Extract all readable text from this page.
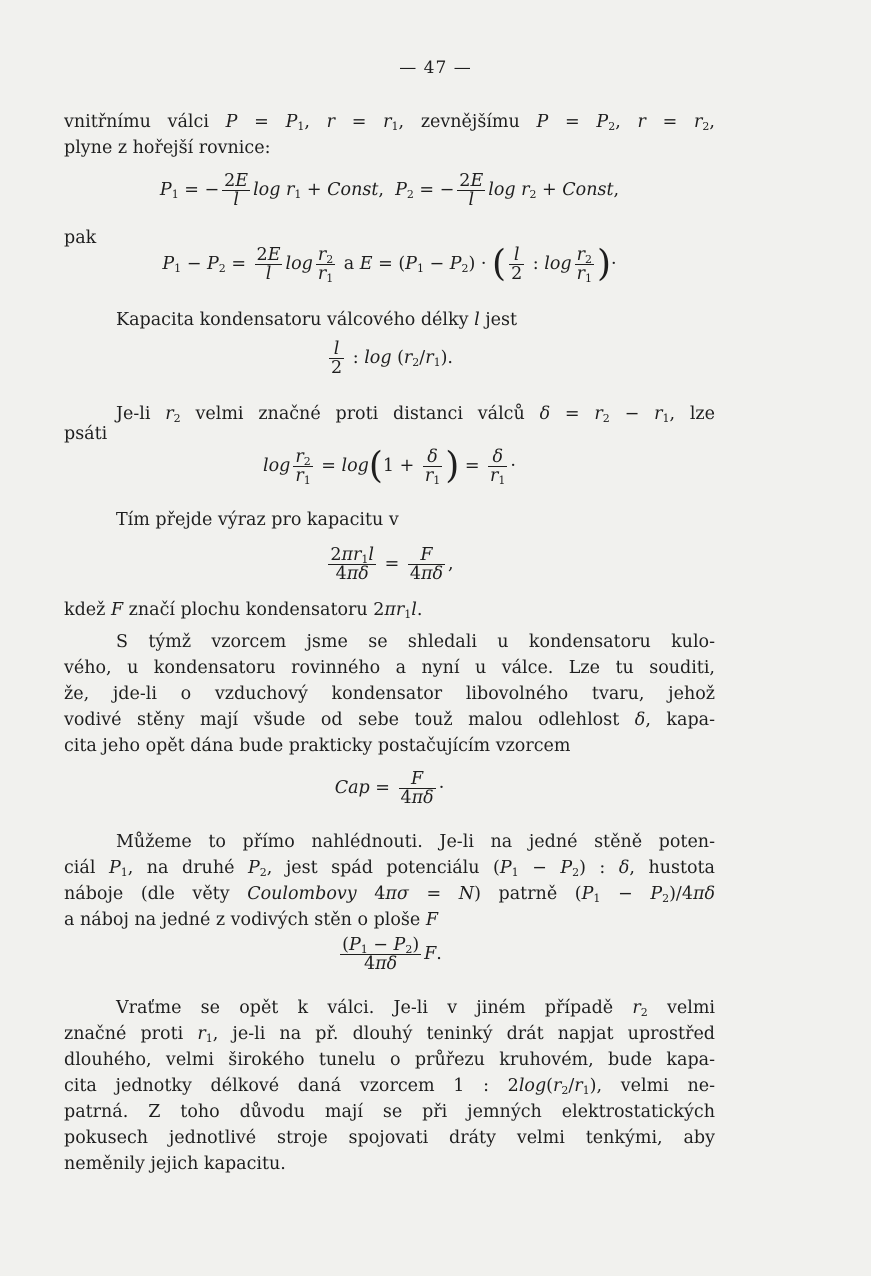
— 47 —
vnitřnímu válci $P = P_1$, $r = r_1$, zevnějšímu $P = P_2$, $r = r_2$,
plyne z hořejší rovnice:
$P_1$ = − $\frac{2E}{l}$ $\log r_1$ + Const,  $P_2$ = − $\frac{2E}{l}$ $\log r_2$ + Const,
pak
$P_1 - P_2 = \frac{2E}{l}$ $\log \frac{r_2}{r_1}$ a $E = (P_1 - P_2)$ · ( $\frac{l}{2}$ : $\log \frac{r_2}{r_1}$ )·
Kapacita kondensatoru válcového délky l jest
$\frac{l}{2}$ : $\log (r_2/r_1)$.
Je-li $r_2$ velmi značné proti distanci válců $\delta = r_2 - r_1$, lze
psáti
$\log \frac{r_2}{r_1} = \log(1 + \frac{\delta}{r_1}$ ) = $\frac{\delta}{r_1}$ ·
Tím přejde výraz pro kapacitu v
$\frac{2\pi r_1l}{4\pi\delta} = \frac{F}{4\pi\delta}$ ,
kdež F značí plochu kondensatoru $2\pi r_1l$.
S týmž vzorcem jsme se shledali u kondensatoru kulo-
vého, u kondensatoru rovinného a nyní u válce. Lze tu souditi,
že, jde-li o vzduchový kondensator libovolného tvaru, jehož
vodivé stěny mají všude od sebe touž malou odlehlost δ, kapa-
cita jeho opět dána bude prakticky postačujícím vzorcem
Cap = $\frac{F}{4\pi\delta}$ ·
Můžeme to přímo nahlédnouti. Je-li na jedné stěně poten-
ciál $P_1$, na druhé $P_2$, jest spád potenciálu $(P_1 - P_2)$ : δ, hustota
náboje (dle věty Coulombovy 4πσ = N) patrně $(P_1 - P_2)/4\pi\delta$
a náboj na jedné z vodivých stěn o ploše F
$\frac{(P_1 - P_2)}{4\pi\delta} F$.
Vraťme se opět k válci. Je-li v jiném případě $r_2$ velmi
značné proti $r_1$, je-li na př. dlouhý teninký drát napjat uprostřed
dlouhého, velmi širokého tunelu o průřezu kruhovém, bude kapa-
cita jednotky délkové daná vzorcem 1 : $2\log(r_2/r_1)$, velmi ne-
patrná. Z toho důvodu mají se při jemných elektrostatických
pokusech jednotlivé stroje spojovati dráty velmi tenkými, aby
neměnily jejich kapacitu.
